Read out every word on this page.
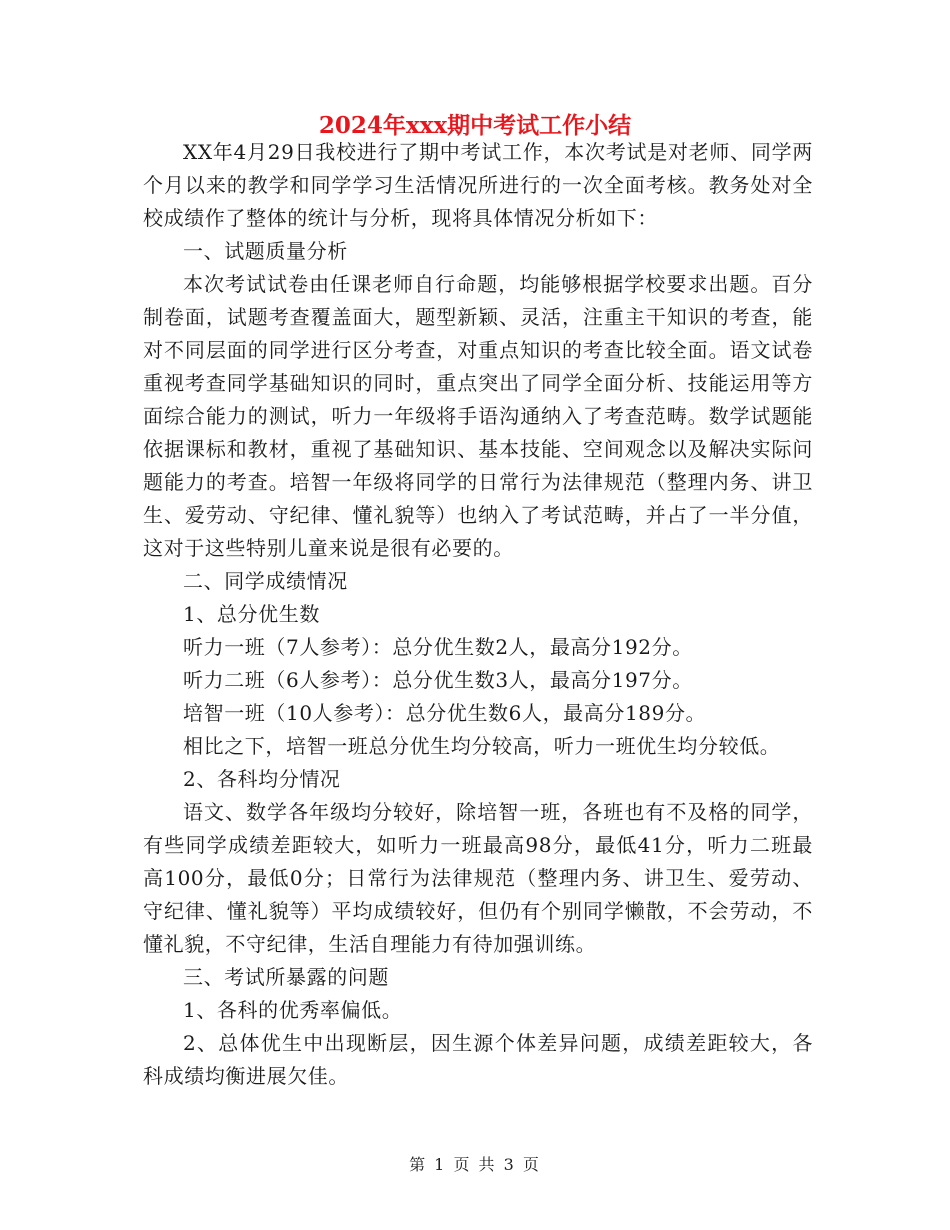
2024年xxx期中考试工作小结

XX年4月29日我校进行了期中考试工作，本次考试是对老师、同学两个月以来的教学和同学学习生活情况所进行的一次全面考核。教务处对全校成绩作了整体的统计与分析，现将具体情况分析如下：

一、试题质量分析

本次考试试卷由任课老师自行命题，均能够根据学校要求出题。百分制卷面，试题考查覆盖面大，题型新颖、灵活，注重主干知识的考查，能对不同层面的同学进行区分考查，对重点知识的考查比较全面。语文试卷重视考查同学基础知识的同时，重点突出了同学全面分析、技能运用等方面综合能力的测试，听力一年级将手语沟通纳入了考查范畴。数学试题能依据课标和教材，重视了基础知识、基本技能、空间观念以及解决实际问题能力的考查。培智一年级将同学的日常行为法律规范（整理内务、讲卫生、爱劳动、守纪律、懂礼貌等）也纳入了考试范畴，并占了一半分值，这对于这些特别儿童来说是很有必要的。

二、同学成绩情况

1、总分优生数

听力一班（7人参考）：总分优生数2人，最高分192分。

听力二班（6人参考）：总分优生数3人，最高分197分。

培智一班（10人参考）：总分优生数6人，最高分189分。

相比之下，培智一班总分优生均分较高，听力一班优生均分较低。

2、各科均分情况

语文、数学各年级均分较好，除培智一班，各班也有不及格的同学，有些同学成绩差距较大，如听力一班最高98分，最低41分，听力二班最高100分，最低0分；日常行为法律规范（整理内务、讲卫生、爱劳动、守纪律、懂礼貌等）平均成绩较好，但仍有个别同学懒散，不会劳动，不懂礼貌，不守纪律，生活自理能力有待加强训练。

三、考试所暴露的问题

1、各科的优秀率偏低。

2、总体优生中出现断层，因生源个体差异问题，成绩差距较大，各科成绩均衡进展欠佳。

第 1 页 共 3 页
